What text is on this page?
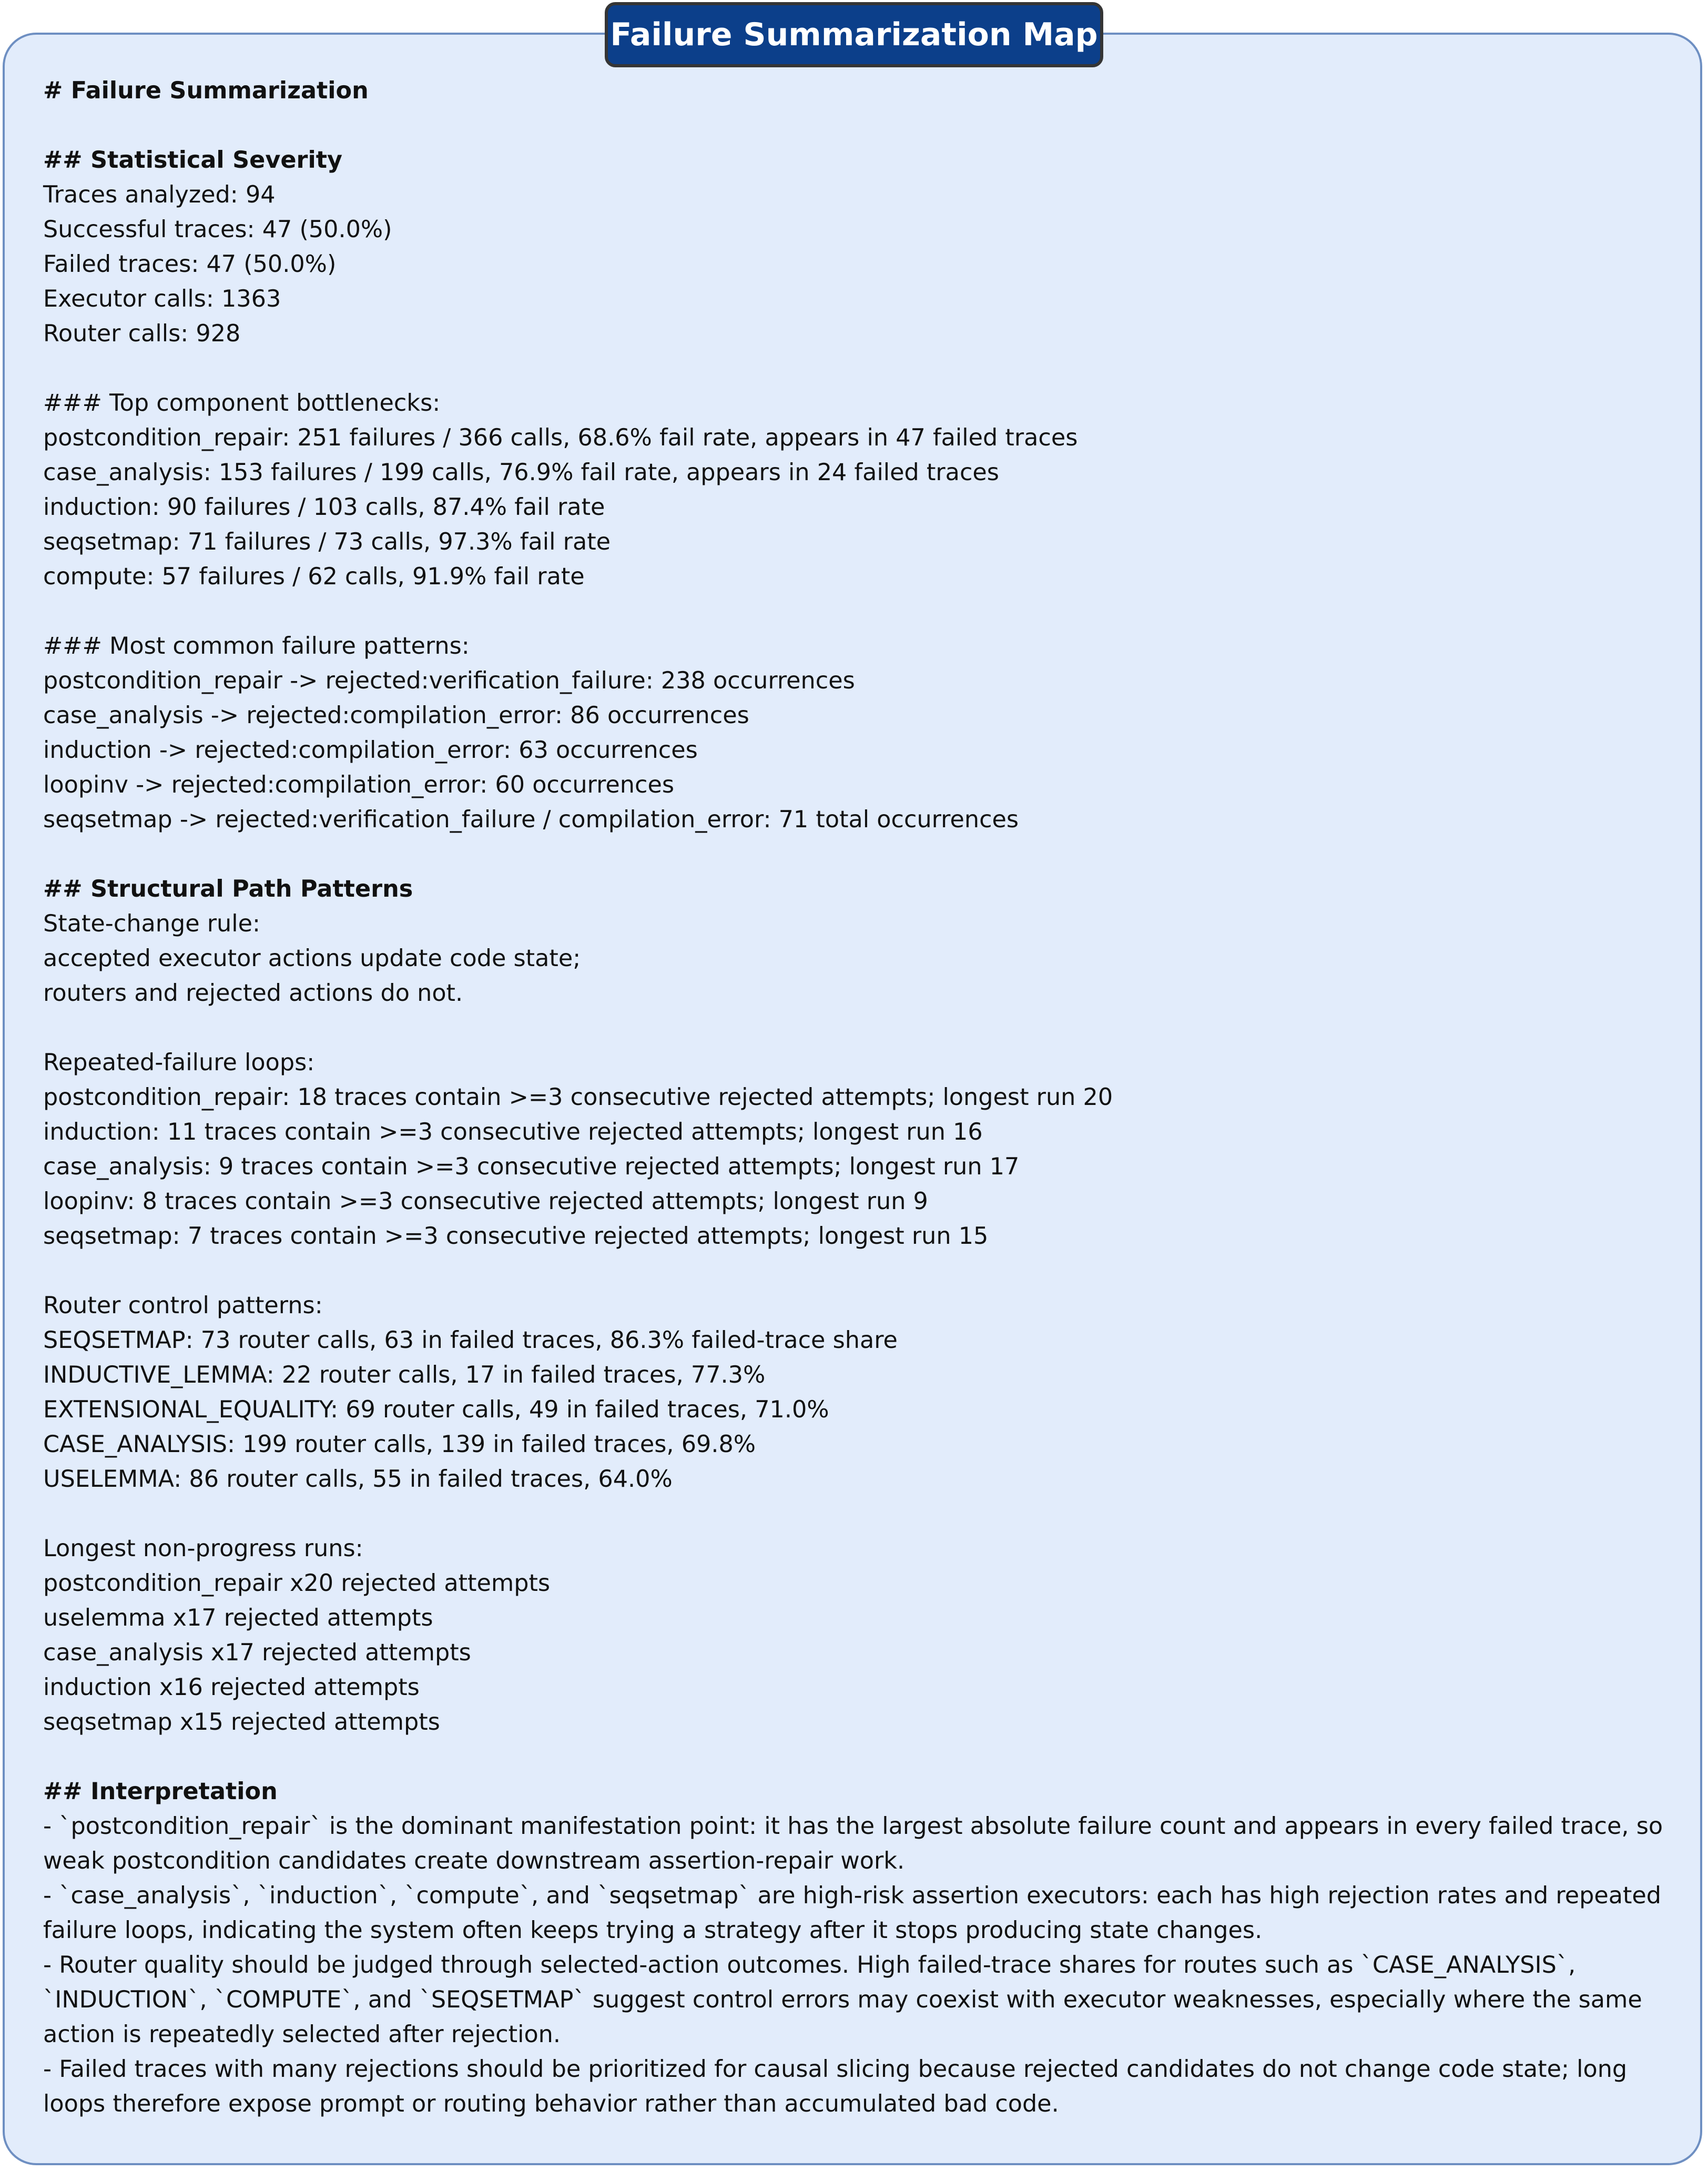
Failure Summarization Map
# Failure Summarization
## Statistical Severity
Traces analyzed: 94
Successful traces: 47 (50.0%)
Failed traces: 47 (50.0%)
Executor calls: 1363
Router calls: 928
### Top component bottlenecks:
postcondition_repair: 251 failures / 366 calls, 68.6% fail rate, appears in 47 failed traces
case_analysis: 153 failures / 199 calls, 76.9% fail rate, appears in 24 failed traces
induction: 90 failures / 103 calls, 87.4% fail rate
seqsetmap: 71 failures / 73 calls, 97.3% fail rate
compute: 57 failures / 62 calls, 91.9% fail rate
### Most common failure patterns:
postcondition_repair -> rejected:verification_failure: 238 occurrences
case_analysis -> rejected:compilation_error: 86 occurrences
induction -> rejected:compilation_error: 63 occurrences
loopinv -> rejected:compilation_error: 60 occurrences
seqsetmap -> rejected:verification_failure / compilation_error: 71 total occurrences
## Structural Path Patterns
State-change rule:
accepted executor actions update code state;
routers and rejected actions do not.
Repeated-failure loops:
postcondition_repair: 18 traces contain >=3 consecutive rejected attempts; longest run 20
induction: 11 traces contain >=3 consecutive rejected attempts; longest run 16
case_analysis: 9 traces contain >=3 consecutive rejected attempts; longest run 17
loopinv: 8 traces contain >=3 consecutive rejected attempts; longest run 9
seqsetmap: 7 traces contain >=3 consecutive rejected attempts; longest run 15
Router control patterns:
SEQSETMAP: 73 router calls, 63 in failed traces, 86.3% failed-trace share
INDUCTIVE_LEMMA: 22 router calls, 17 in failed traces, 77.3%
EXTENSIONAL_EQUALITY: 69 router calls, 49 in failed traces, 71.0%
CASE_ANALYSIS: 199 router calls, 139 in failed traces, 69.8%
USELEMMA: 86 router calls, 55 in failed traces, 64.0%
Longest non-progress runs:
postcondition_repair x20 rejected attempts
uselemma x17 rejected attempts
case_analysis x17 rejected attempts
induction x16 rejected attempts
seqsetmap x15 rejected attempts
## Interpretation
- `postcondition_repair` is the dominant manifestation point: it has the largest absolute failure count and appears in every failed trace, so weak postcondition candidates create downstream assertion-repair work.
- `case_analysis`, `induction`, `compute`, and `seqsetmap` are high-risk assertion executors: each has high rejection rates and repeated failure loops, indicating the system often keeps trying a strategy after it stops producing state changes.
- Router quality should be judged through selected-action outcomes. High failed-trace shares for routes such as `CASE_ANALYSIS`, `INDUCTION`, `COMPUTE`, and `SEQSETMAP` suggest control errors may coexist with executor weaknesses, especially where the same action is repeatedly selected after rejection.
- Failed traces with many rejections should be prioritized for causal slicing because rejected candidates do not change code state; long loops therefore expose prompt or routing behavior rather than accumulated bad code.
